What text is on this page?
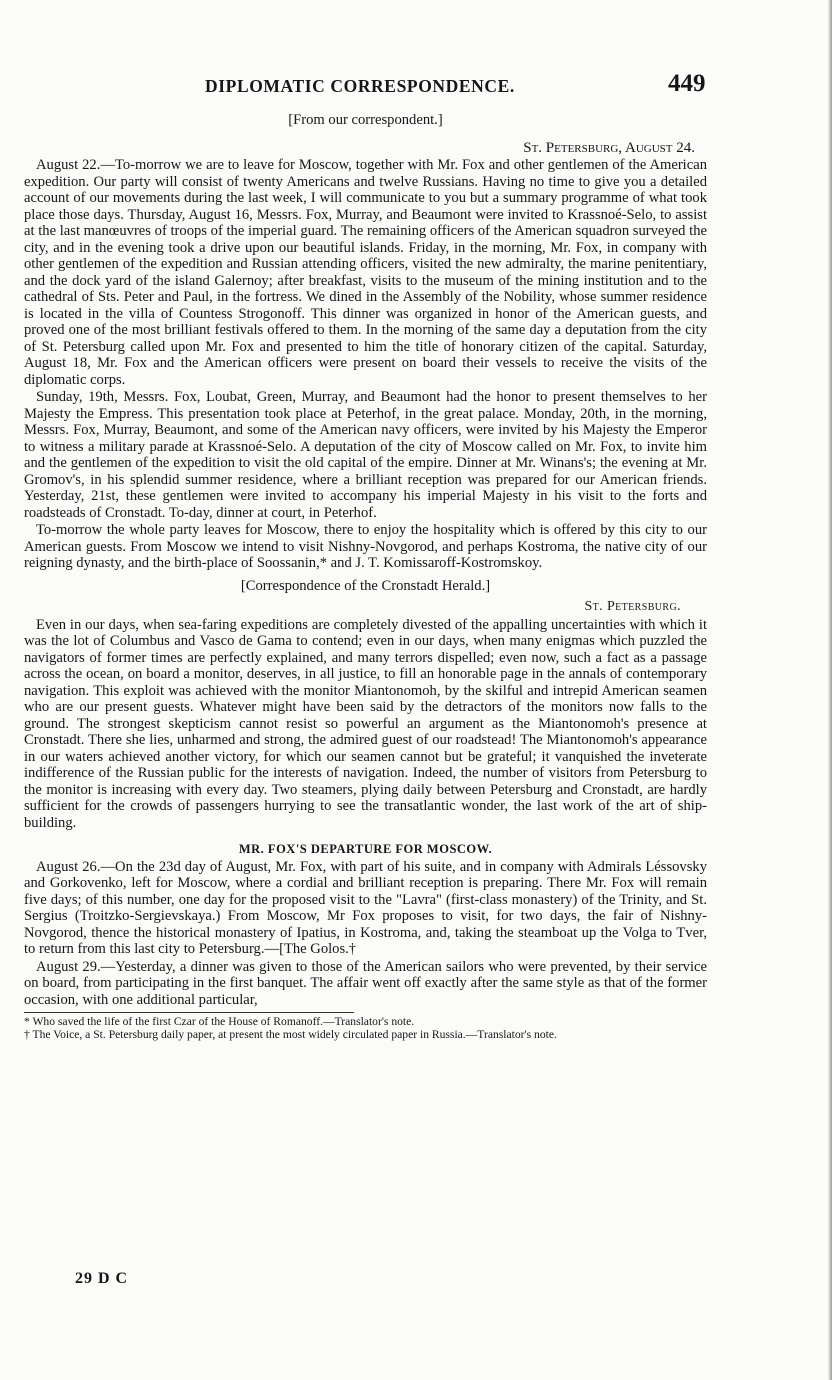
DIPLOMATIC CORRESPONDENCE.	449

[From our correspondent.]

St. Petersburg, August 24.

August 22.—To-morrow we are to leave for Moscow, together with Mr. Fox and other gentlemen of the American expedition. Our party will consist of twenty Americans and twelve Russians. Having no time to give you a detailed account of our movements during the last week, I will communicate to you but a summary programme of what took place those days. Thursday, August 16, Messrs. Fox, Murray, and Beaumont were invited to Krassnoé-Selo, to assist at the last manœuvres of troops of the imperial guard. The remaining officers of the American squadron surveyed the city, and in the evening took a drive upon our beautiful islands. Friday, in the morning, Mr. Fox, in company with other gentlemen of the expedition and Russian attending officers, visited the new admiralty, the marine penitentiary, and the dock yard of the island Galernoy; after breakfast, visits to the museum of the mining institution and to the cathedral of Sts. Peter and Paul, in the fortress. We dined in the Assembly of the Nobility, whose summer residence is located in the villa of Countess Strogonoff. This dinner was organized in honor of the American guests, and proved one of the most brilliant festivals offered to them. In the morning of the same day a deputation from the city of St. Petersburg called upon Mr. Fox and presented to him the title of honorary citizen of the capital. Saturday, August 18, Mr. Fox and the American officers were present on board their vessels to receive the visits of the diplomatic corps.

Sunday, 19th, Messrs. Fox, Loubat, Green, Murray, and Beaumont had the honor to present themselves to her Majesty the Empress. This presentation took place at Peterhof, in the great palace. Monday, 20th, in the morning, Messrs. Fox, Murray, Beaumont, and some of the American navy officers, were invited by his Majesty the Emperor to witness a military parade at Krassnoé-Selo. A deputation of the city of Moscow called on Mr. Fox, to invite him and the gentlemen of the expedition to visit the old capital of the empire. Dinner at Mr. Winans's; the evening at Mr. Gromov's, in his splendid summer residence, where a brilliant reception was prepared for our American friends. Yesterday, 21st, these gentlemen were invited to accompany his imperial Majesty in his visit to the forts and roadsteads of Cronstadt. To-day, dinner at court, in Peterhof.

To-morrow the whole party leaves for Moscow, there to enjoy the hospitality which is offered by this city to our American guests. From Moscow we intend to visit Nishny-Novgorod, and perhaps Kostroma, the native city of our reigning dynasty, and the birth-place of Soossanin,* and J. T. Komissaroff-Kostromskoy.

[Correspondence of the Cronstadt Herald.]

St. Petersburg.

Even in our days, when sea-faring expeditions are completely divested of the appalling uncertainties with which it was the lot of Columbus and Vasco de Gama to contend; even in our days, when many enigmas which puzzled the navigators of former times are perfectly explained, and many terrors dispelled; even now, such a fact as a passage across the ocean, on board a monitor, deserves, in all justice, to fill an honorable page in the annals of contemporary navigation. This exploit was achieved with the monitor Miantonomoh, by the skilful and intrepid American seamen who are our present guests. Whatever might have been said by the detractors of the monitors now falls to the ground. The strongest skepticism cannot resist so powerful an argument as the Miantonomoh's presence at Cronstadt. There she lies, unharmed and strong, the admired guest of our roadstead! The Miantonomoh's appearance in our waters achieved another victory, for which our seamen cannot but be grateful; it vanquished the inveterate indifference of the Russian public for the interests of navigation. Indeed, the number of visitors from Petersburg to the monitor is increasing with every day. Two steamers, plying daily between Petersburg and Cronstadt, are hardly sufficient for the crowds of passengers hurrying to see the transatlantic wonder, the last work of the art of ship-building.

MR. FOX'S DEPARTURE FOR MOSCOW.

August 26.—On the 23d day of August, Mr. Fox, with part of his suite, and in company with Admirals Léssovsky and Gorkovenko, left for Moscow, where a cordial and brilliant reception is preparing. There Mr. Fox will remain five days; of this number, one day for the proposed visit to the "Lavra" (first-class monastery) of the Trinity, and St. Sergius (Troitzko-Sergievskaya.) From Moscow, Mr Fox proposes to visit, for two days, the fair of Nishny-Novgorod, thence the historical monastery of Ipatius, in Kostroma, and, taking the steamboat up the Volga to Tver, to return from this last city to Petersburg.—[The Golos.†

August 29.—Yesterday, a dinner was given to those of the American sailors who were prevented, by their service on board, from participating in the first banquet. The affair went off exactly after the same style as that of the former occasion, with one additional particular,

* Who saved the life of the first Czar of the House of Romanoff.—Translator's note.

† The Voice, a St. Petersburg daily paper, at present the most widely circulated paper in Russia.—Translator's note.

29 D C
